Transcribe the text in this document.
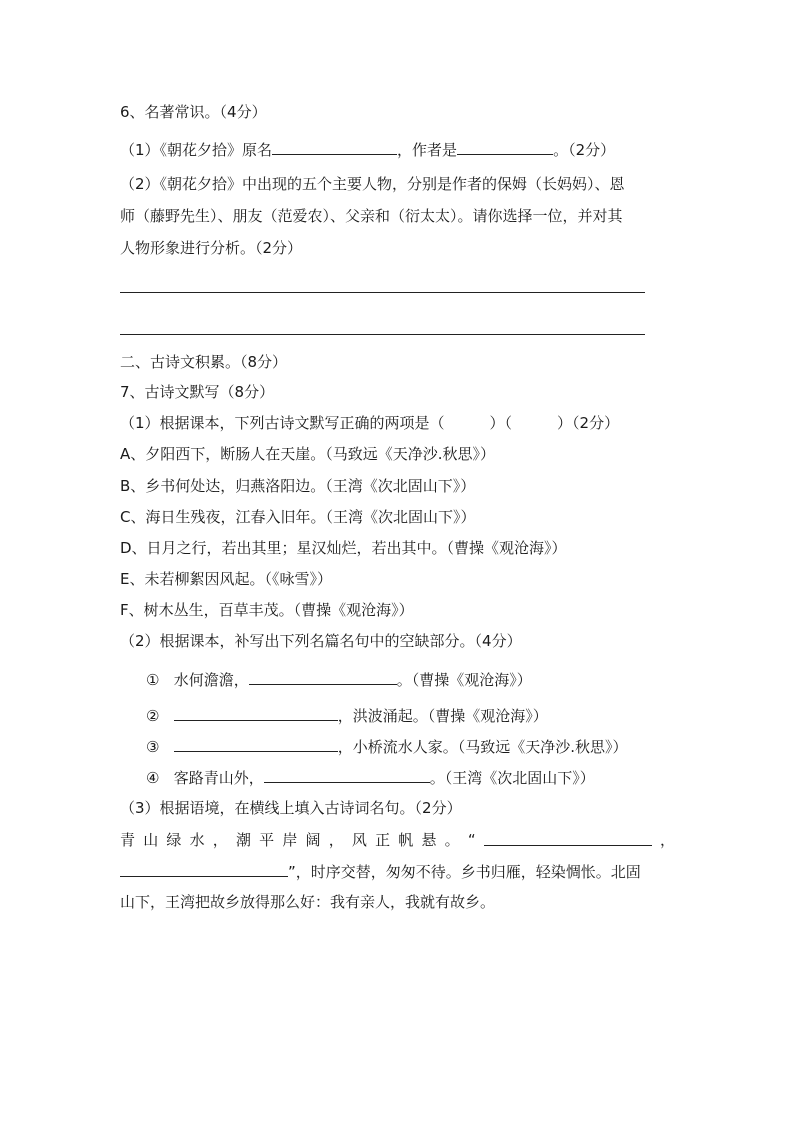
6、名著常识。（4分）
（1）《朝花夕拾》原名	，作者是	。（2分）
（2）《朝花夕拾》中出现的五个主要人物，分别是作者的保姆（长妈妈）、恩
师（藤野先生）、朋友（范爱农）、父亲和（衍太太）。请你选择一位，并对其
人物形象进行分析。（2分）
二、古诗文积累。（8分）
7、古诗文默写（8分）
（1）根据课本，下列古诗文默写正确的两项是（　　　）（　　　）（2分）
A、夕阳西下，断肠人在天崖。（马致远《天净沙.秋思》）
B、乡书何处达，归燕洛阳边。（王湾《次北固山下》）
C、海日生残夜，江春入旧年。（王湾《次北固山下》）
D、日月之行，若出其里；星汉灿烂，若出其中。（曹操《观沧海》）
E、未若柳絮因风起。（《咏雪》）
F、树木丛生，百草丰茂。（曹操《观沧海》）
（2）根据课本，补写出下列名篇名句中的空缺部分。（4分）
① 水何澹澹，	。（曹操《观沧海》）
②	，洪波涌起。（曹操《观沧海》）
③	，小桥流水人家。（马致远《天净沙.秋思》）
④ 客路青山外，	。（王湾《次北固山下》）
（3）根据语境，在横线上填入古诗词名句。（2分）
青 山 绿 水 ， 潮 平 岸 阔 ， 风 正 帆 悬 。 “	，
”，时序交替，匆匆不待。乡书归雁，轻染惆怅。北固
山下，王湾把故乡放得那么好：我有亲人，我就有故乡。
